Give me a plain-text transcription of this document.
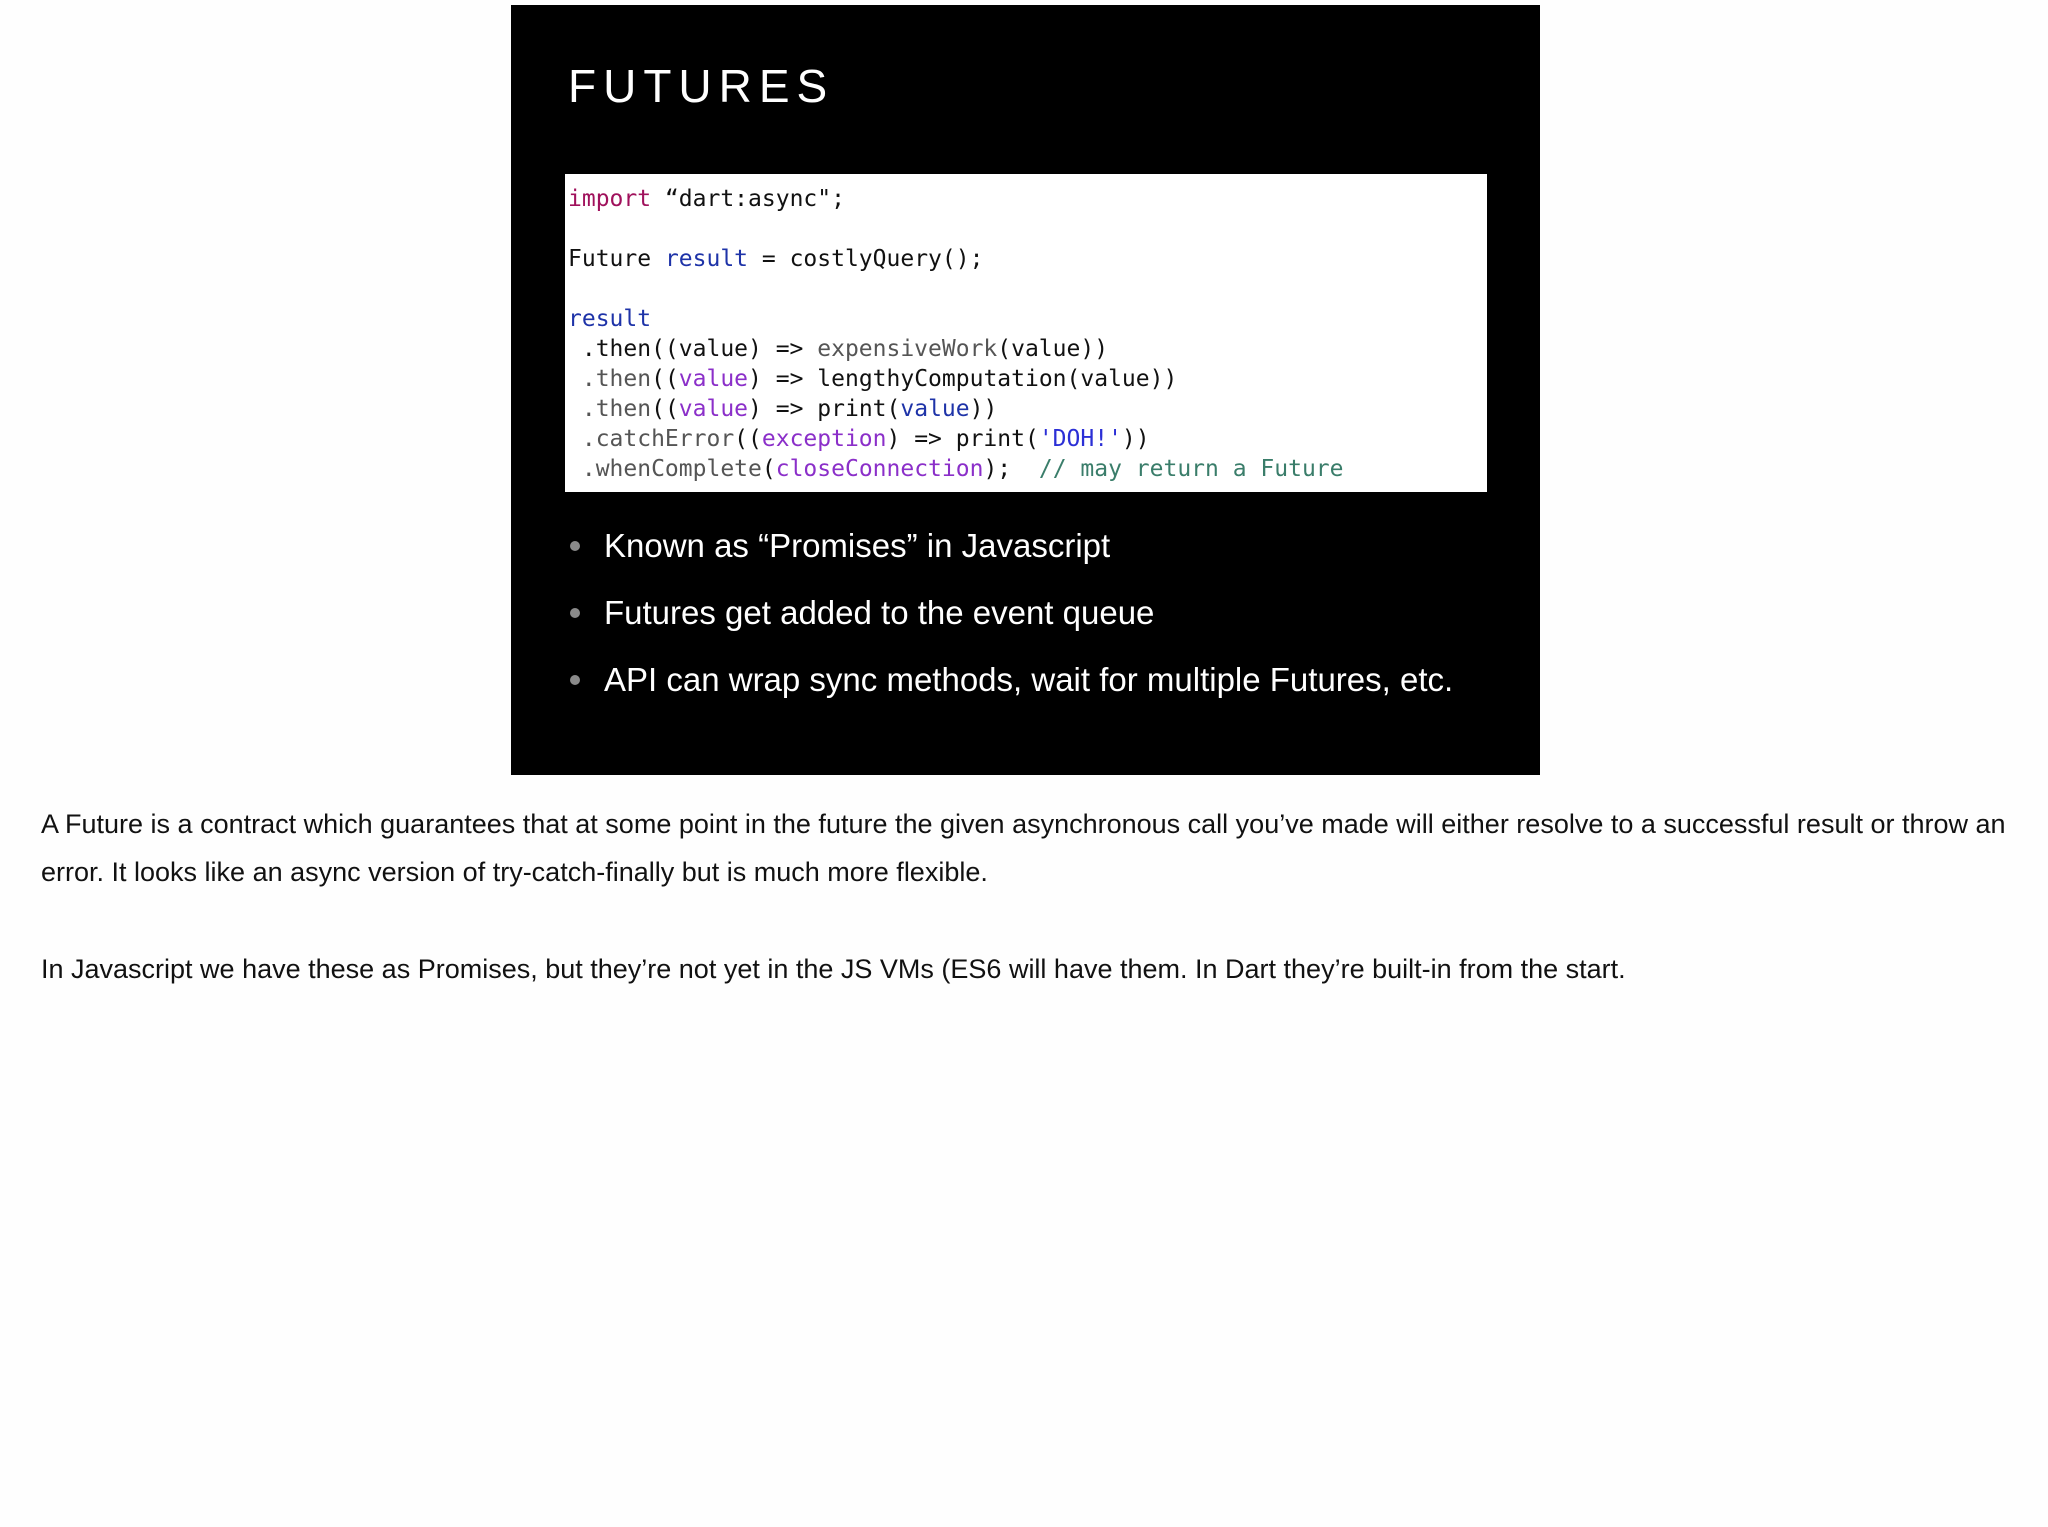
FUTURES
import “dart:async";
Future result = costlyQuery();
result
.then((value) => expensiveWork(value))
.then((value) => lengthyComputation(value))
.then((value) => print(value))
.catchError((exception) => print('DOH!'))
.whenComplete(closeConnection);  // may return a Future
Known as “Promises” in Javascript
Futures get added to the event queue
API can wrap sync methods, wait for multiple Futures, etc.

A Future is a contract which guarantees that at some point in the future the given asynchronous call you’ve made will either resolve to a successful result or throw an error. It looks like an async version of try-catch-finally but is much more flexible.

In Javascript we have these as Promises, but they’re not yet in the JS VMs (ES6 will have them. In Dart they’re built-in from the start.
